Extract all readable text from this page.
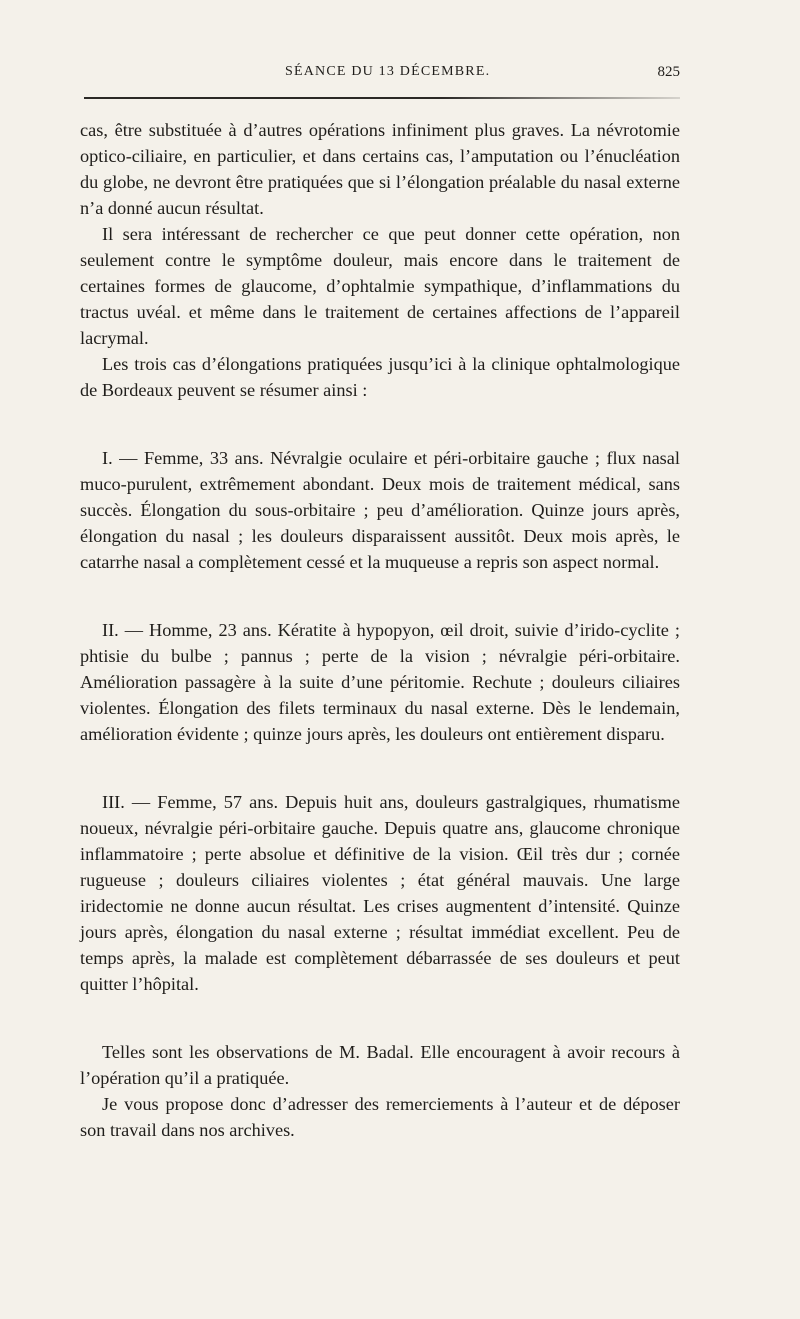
SÉANCE DU 13 DÉCEMBRE.	825

cas, être substituée à d’autres opérations infiniment plus graves. La névrotomie optico-ciliaire, en particulier, et dans certains cas, l’amputation ou l’énucléation du globe, ne devront être pratiquées que si l’élongation préalable du nasal externe n’a donné aucun résultat.

Il sera intéressant de rechercher ce que peut donner cette opération, non seulement contre le symptôme douleur, mais encore dans le traitement de certaines formes de glaucome, d’ophtalmie sympathique, d’inflammations du tractus uvéal. et même dans le traitement de certaines affections de l’appareil lacrymal.

Les trois cas d’élongations pratiquées jusqu’ici à la clinique ophtalmologique de Bordeaux peuvent se résumer ainsi :

I. — Femme, 33 ans. Névralgie oculaire et péri-orbitaire gauche ; flux nasal muco-purulent, extrêmement abondant. Deux mois de traitement médical, sans succès. Élongation du sous-orbitaire ; peu d’amélioration. Quinze jours après, élongation du nasal ; les douleurs disparaissent aussitôt. Deux mois après, le catarrhe nasal a complètement cessé et la muqueuse a repris son aspect normal.

II. — Homme, 23 ans. Kératite à hypopyon, œil droit, suivie d’irido-cyclite ; phtisie du bulbe ; pannus ; perte de la vision ; névralgie péri-orbitaire. Amélioration passagère à la suite d’une péritomie. Rechute ; douleurs ciliaires violentes. Élongation des filets terminaux du nasal externe. Dès le lendemain, amélioration évidente ; quinze jours après, les douleurs ont entièrement disparu.

III. — Femme, 57 ans. Depuis huit ans, douleurs gastralgiques, rhumatisme noueux, névralgie péri-orbitaire gauche. Depuis quatre ans, glaucome chronique inflammatoire ; perte absolue et définitive de la vision. Œil très dur ; cornée rugueuse ; douleurs ciliaires violentes ; état général mauvais. Une large iridectomie ne donne aucun résultat. Les crises augmentent d’intensité. Quinze jours après, élongation du nasal externe ; résultat immédiat excellent. Peu de temps après, la malade est complètement débarrassée de ses douleurs et peut quitter l’hôpital.

Telles sont les observations de M. Badal. Elle encouragent à avoir recours à l’opération qu’il a pratiquée.

Je vous propose donc d’adresser des remerciements à l’auteur et de déposer son travail dans nos archives.
